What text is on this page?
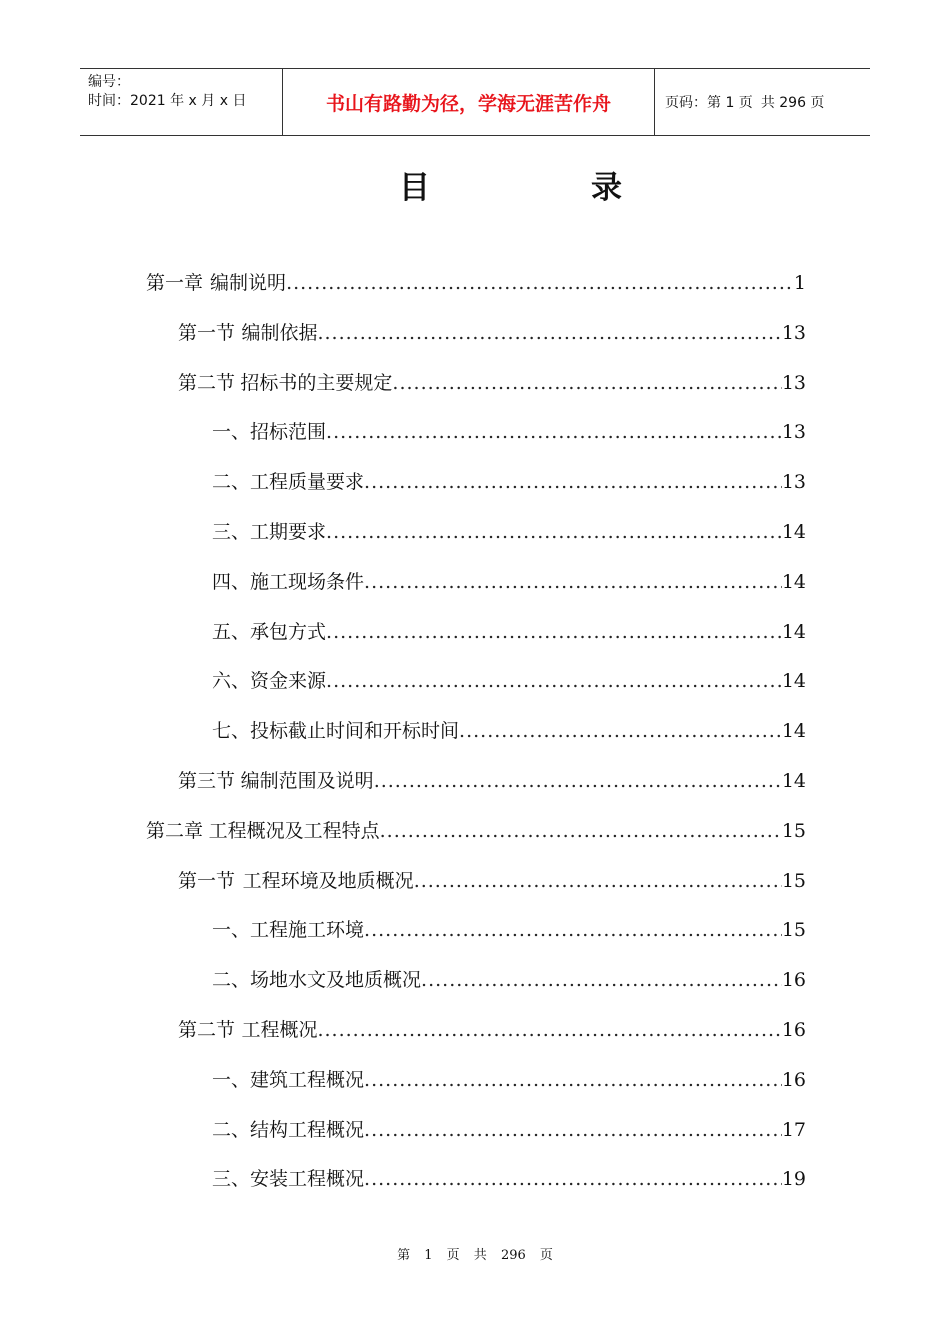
编号：
时间：2021 年 x 月 x 日	书山有路勤为径，学海无涯苦作舟	页码：第 1 页 共 296 页
目	录
第一章 编制说明 .....	1
第一节 编制依据 .....	13
第二节 招标书的主要规定 .....	13
一、 招标范围 .....	13
二、 工程质量要求 .....	13
三、 工期要求 .....	14
四、 施工现场条件 .....	14
五、 承包方式 .....	14
六、 资金来源 .....	14
七、 投标截止时间和开标时间 .....	14
第三节 编制范围及说明 .....	14
第二章 工程概况及工程特点 .....	15
第一节 工程环境及地质概况 .....	15
一、 工程施工环境 .....	15
二、 场地水文及地质概况 .....	16
第二节 工程概况 .....	16
一、 建筑工程概况 .....	16
二、 结构工程概况 .....	17
三、 安装工程概况 .....	19
第 1 页 共 296 页
